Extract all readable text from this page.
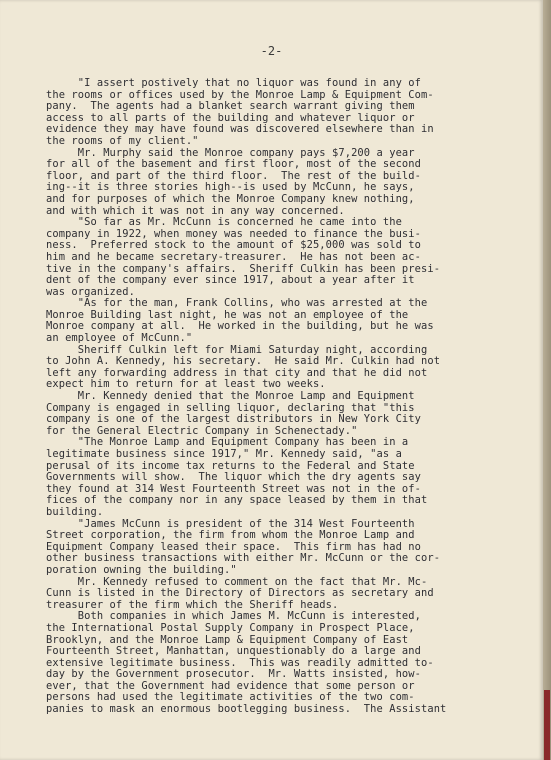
-2-
"I assert postively that no liquor was found in any of
the rooms or offices used by the Monroe Lamp & Equipment Com-
pany.  The agents had a blanket search warrant giving them
access to all parts of the building and whatever liquor or
evidence they may have found was discovered elsewhere than in
the rooms of my client."
Mr. Murphy said the Monroe company pays $7,200 a year
for all of the basement and first floor, most of the second
floor, and part of the third floor.  The rest of the build-
ing--it is three stories high--is used by McCunn, he says,
and for purposes of which the Monroe Company knew nothing,
and with which it was not in any way concerned.
"So far as Mr. McCunn is concerned he came into the
company in 1922, when money was needed to finance the busi-
ness.  Preferred stock to the amount of $25,000 was sold to
him and he became secretary-treasurer.  He has not been ac-
tive in the company's affairs.  Sheriff Culkin has been presi-
dent of the company ever since 1917, about a year after it
was organized.
"As for the man, Frank Collins, who was arrested at the
Monroe Building last night, he was not an employee of the
Monroe company at all.  He worked in the building, but he was
an employee of McCunn."
Sheriff Culkin left for Miami Saturday night, according
to John A. Kennedy, his secretary.  He said Mr. Culkin had not
left any forwarding address in that city and that he did not
expect him to return for at least two weeks.
Mr. Kennedy denied that the Monroe Lamp and Equipment
Company is engaged in selling liquor, declaring that "this
company is one of the largest distributors in New York City
for the General Electric Company in Schenectady."
"The Monroe Lamp and Equipment Company has been in a
legitimate business since 1917," Mr. Kennedy said, "as a
perusal of its income tax returns to the Federal and State
Governments will show.  The liquor which the dry agents say
they found at 314 West Fourteenth Street was not in the of-
fices of the company nor in any space leased by them in that
building.
"James McCunn is president of the 314 West Fourteenth
Street corporation, the firm from whom the Monroe Lamp and
Equipment Company leased their space.  This firm has had no
other business transactions with either Mr. McCunn or the cor-
poration owning the building."
Mr. Kennedy refused to comment on the fact that Mr. Mc-
Cunn is listed in the Directory of Directors as secretary and
treasurer of the firm which the Sheriff heads.
Both companies in which James M. McCunn is interested,
the International Postal Supply Company in Prospect Place,
Brooklyn, and the Monroe Lamp & Equipment Company of East
Fourteenth Street, Manhattan, unquestionably do a large and
extensive legitimate business.  This was readily admitted to-
day by the Government prosecutor.  Mr. Watts insisted, how-
ever, that the Government had evidence that some person or
persons had used the legitimate activities of the two com-
panies to mask an enormous bootlegging business.  The Assistant
